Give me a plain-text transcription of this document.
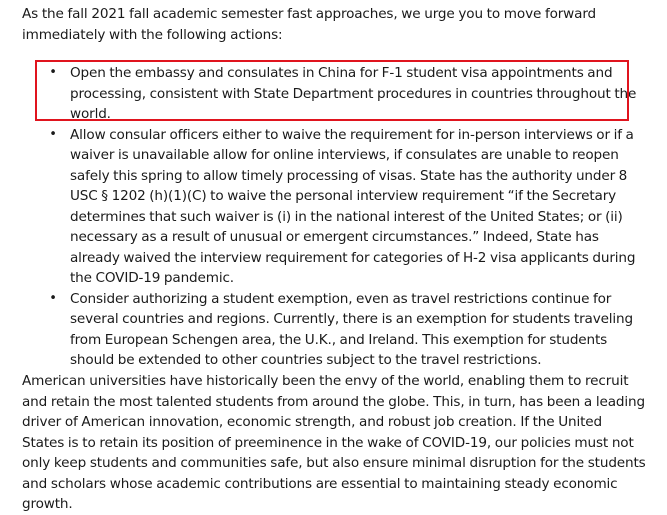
As the fall 2021 fall academic semester fast approaches, we urge you to move forward immediately with the following actions:

• Open the embassy and consulates in China for F-1 student visa appointments and processing, consistent with State Department procedures in countries throughout the world.
• Allow consular officers either to waive the requirement for in-person interviews or if a waiver is unavailable allow for online interviews, if consulates are unable to reopen safely this spring to allow timely processing of visas. State has the authority under 8 USC § 1202 (h)(1)(C) to waive the personal interview requirement “if the Secretary determines that such waiver is (i) in the national interest of the United States; or (ii) necessary as a result of unusual or emergent circumstances.” Indeed, State has already waived the interview requirement for categories of H-2 visa applicants during the COVID-19 pandemic.
• Consider authorizing a student exemption, even as travel restrictions continue for several countries and regions. Currently, there is an exemption for students traveling from European Schengen area, the U.K., and Ireland. This exemption for students should be extended to other countries subject to the travel restrictions.

American universities have historically been the envy of the world, enabling them to recruit and retain the most talented students from around the globe. This, in turn, has been a leading driver of American innovation, economic strength, and robust job creation. If the United States is to retain its position of preeminence in the wake of COVID-19, our policies must not only keep students and communities safe, but also ensure minimal disruption for the students and scholars whose academic contributions are essential to maintaining steady economic growth.
